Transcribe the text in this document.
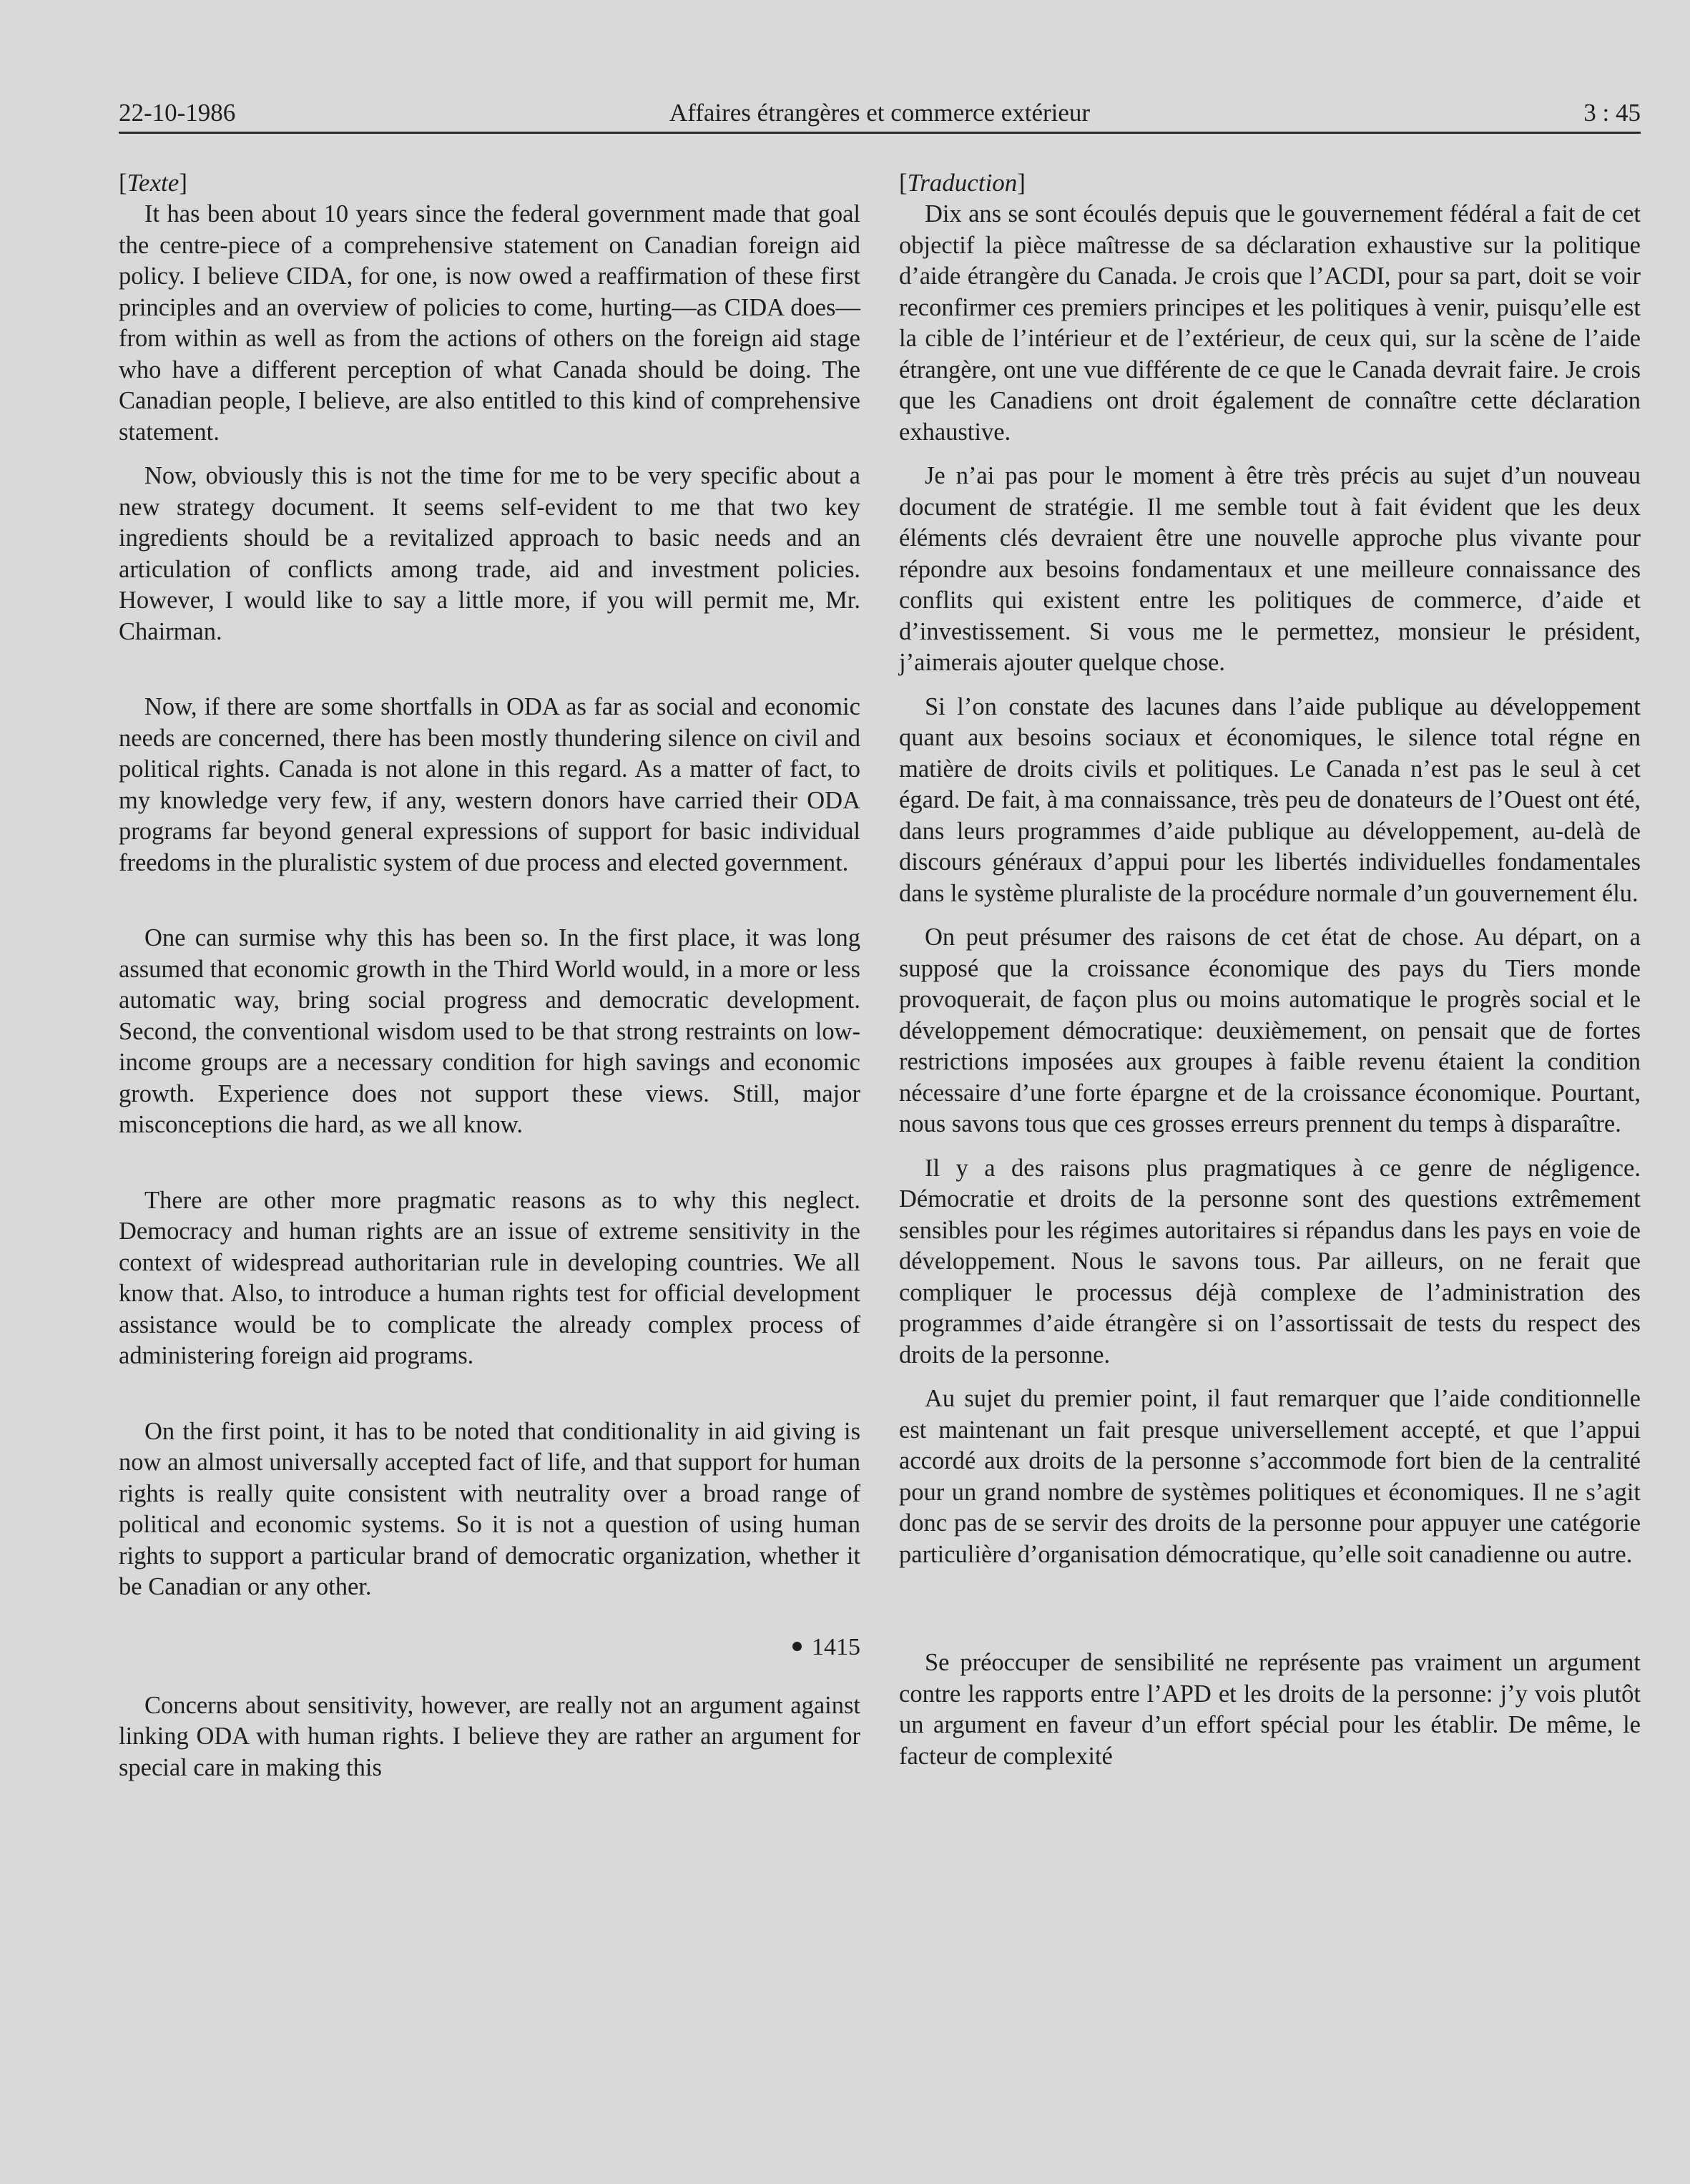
22-10-1986	Affaires étrangères et commerce extérieur	3 : 45

[Texte]

It has been about 10 years since the federal government made that goal the centre-piece of a comprehensive statement on Canadian foreign aid policy. I believe CIDA, for one, is now owed a reaffirmation of these first principles and an overview of policies to come, hurting—as CIDA does—from within as well as from the actions of others on the foreign aid stage who have a different perception of what Canada should be doing. The Canadian people, I believe, are also entitled to this kind of comprehensive statement.

Now, obviously this is not the time for me to be very specific about a new strategy document. It seems self-evident to me that two key ingredients should be a revitalized approach to basic needs and an articulation of conflicts among trade, aid and investment policies. However, I would like to say a little more, if you will permit me, Mr. Chairman.

Now, if there are some shortfalls in ODA as far as social and economic needs are concerned, there has been mostly thundering silence on civil and political rights. Canada is not alone in this regard. As a matter of fact, to my knowledge very few, if any, western donors have carried their ODA programs far beyond general expressions of support for basic individual freedoms in the pluralistic system of due process and elected government.

One can surmise why this has been so. In the first place, it was long assumed that economic growth in the Third World would, in a more or less automatic way, bring social progress and democratic development. Second, the conventional wisdom used to be that strong restraints on low-income groups are a necessary condition for high savings and economic growth. Experience does not support these views. Still, major misconceptions die hard, as we all know.

There are other more pragmatic reasons as to why this neglect. Democracy and human rights are an issue of extreme sensitivity in the context of widespread authoritarian rule in developing countries. We all know that. Also, to introduce a human rights test for official development assistance would be to complicate the already complex process of administering foreign aid programs.

On the first point, it has to be noted that conditionality in aid giving is now an almost universally accepted fact of life, and that support for human rights is really quite consistent with neutrality over a broad range of political and economic systems. So it is not a question of using human rights to support a particular brand of democratic organization, whether it be Canadian or any other.

1415

Concerns about sensitivity, however, are really not an argument against linking ODA with human rights. I believe they are rather an argument for special care in making this

[Traduction]

Dix ans se sont écoulés depuis que le gouvernement fédéral a fait de cet objectif la pièce maîtresse de sa déclaration exhaustive sur la politique d’aide étrangère du Canada. Je crois que l’ACDI, pour sa part, doit se voir reconfirmer ces premiers principes et les politiques à venir, puisqu’elle est la cible de l’intérieur et de l’extérieur, de ceux qui, sur la scène de l’aide étrangère, ont une vue différente de ce que le Canada devrait faire. Je crois que les Canadiens ont droit également de connaître cette déclaration exhaustive.

Je n’ai pas pour le moment à être très précis au sujet d’un nouveau document de stratégie. Il me semble tout à fait évident que les deux éléments clés devraient être une nouvelle approche plus vivante pour répondre aux besoins fondamentaux et une meilleure connaissance des conflits qui existent entre les politiques de commerce, d’aide et d’investissement. Si vous me le permettez, monsieur le président, j’aimerais ajouter quelque chose.

Si l’on constate des lacunes dans l’aide publique au développement quant aux besoins sociaux et économiques, le silence total régne en matière de droits civils et politiques. Le Canada n’est pas le seul à cet égard. De fait, à ma connaissance, très peu de donateurs de l’Ouest ont été, dans leurs programmes d’aide publique au développement, au-delà de discours généraux d’appui pour les libertés individuelles fondamentales dans le système pluraliste de la procédure normale d’un gouvernement élu.

On peut présumer des raisons de cet état de chose. Au départ, on a supposé que la croissance économique des pays du Tiers monde provoquerait, de façon plus ou moins automatique le progrès social et le développement démocratique: deuxièmement, on pensait que de fortes restrictions imposées aux groupes à faible revenu étaient la condition nécessaire d’une forte épargne et de la croissance économique. Pourtant, nous savons tous que ces grosses erreurs prennent du temps à disparaître.

Il y a des raisons plus pragmatiques à ce genre de négligence. Démocratie et droits de la personne sont des questions extrêmement sensibles pour les régimes autoritaires si répandus dans les pays en voie de développement. Nous le savons tous. Par ailleurs, on ne ferait que compliquer le processus déjà complexe de l’administration des programmes d’aide étrangère si on l’assortissait de tests du respect des droits de la personne.

Au sujet du premier point, il faut remarquer que l’aide conditionnelle est maintenant un fait presque universellement accepté, et que l’appui accordé aux droits de la personne s’accommode fort bien de la centralité pour un grand nombre de systèmes politiques et économiques. Il ne s’agit donc pas de se servir des droits de la personne pour appuyer une catégorie particulière d’organisation démocratique, qu’elle soit canadienne ou autre.

Se préoccuper de sensibilité ne représente pas vraiment un argument contre les rapports entre l’APD et les droits de la personne: j’y vois plutôt un argument en faveur d’un effort spécial pour les établir. De même, le facteur de complexité
